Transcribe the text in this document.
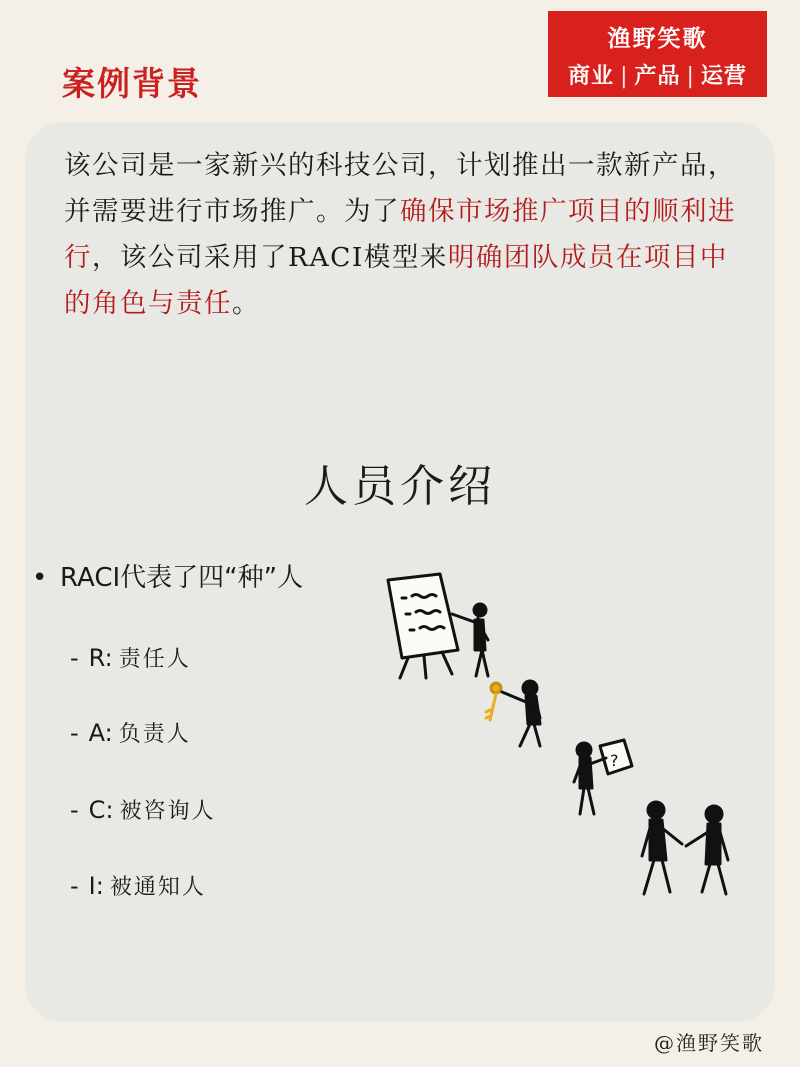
案例背景
渔野笑歌
商业 | 产品 | 运营

该公司是一家新兴的科技公司，计划推出一款新产品，并需要进行市场推广。为了确保市场推广项目的顺利进行，该公司采用了RACI模型来明确团队成员在项目中的角色与责任。

人员介绍
• RACI代表了四“种”人
- R: 责任人
- A: 负责人
- C: 被咨询人
- I: 被通知人
?
@渔野笑歌
